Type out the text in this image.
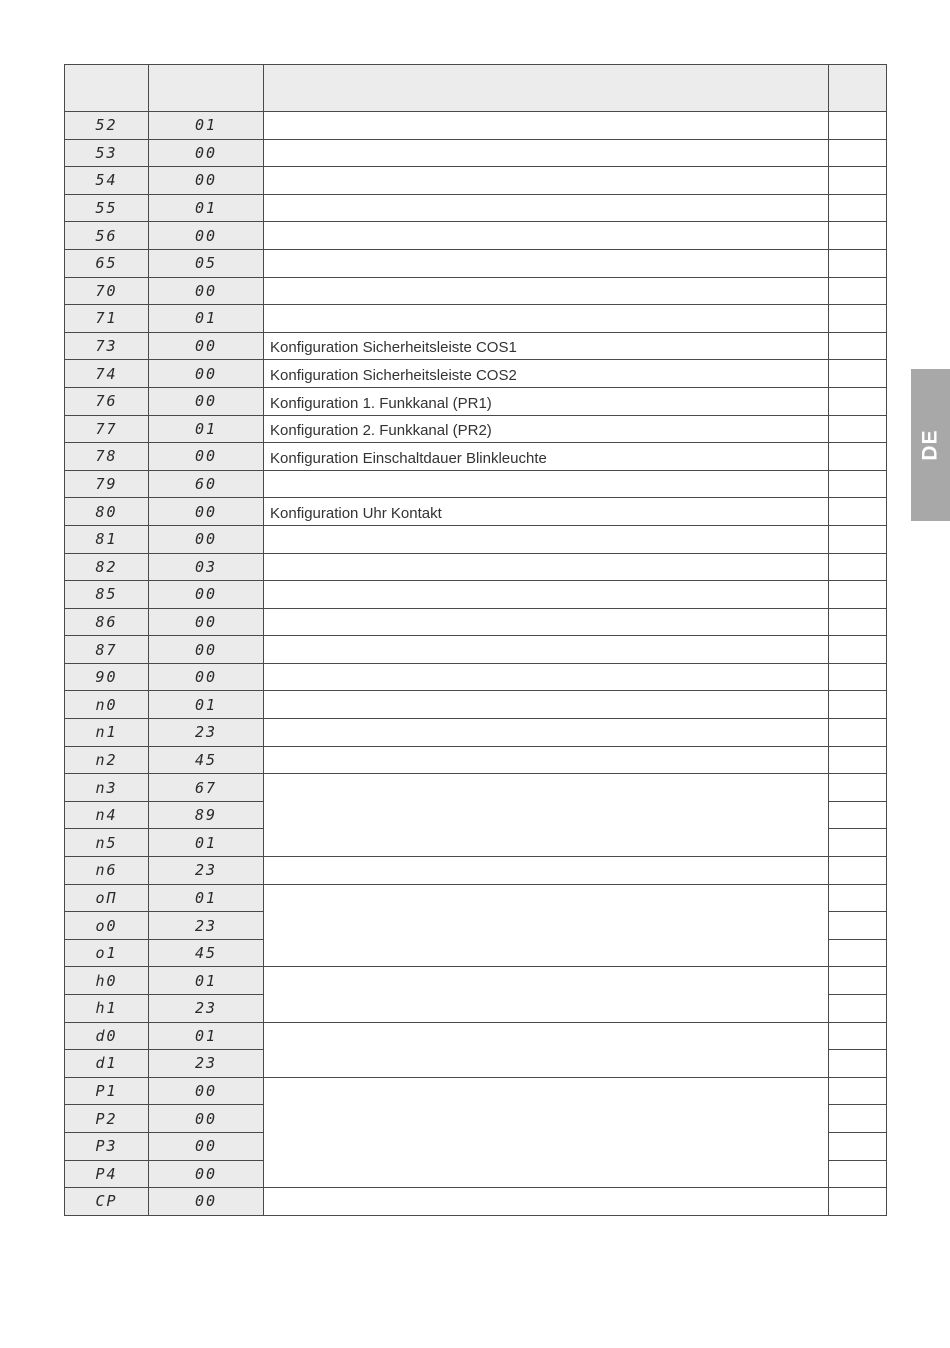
52	01		
53	00		
54	00		
55	01		
56	00		
65	05		
70	00		
71	01		
73	00	Konfiguration Sicherheitsleiste COS1	
74	00	Konfiguration Sicherheitsleiste COS2	
76	00	Konfiguration 1. Funkkanal (PR1)	
77	01	Konfiguration 2. Funkkanal (PR2)	
78	00	Konfiguration Einschaltdauer Blinkleuchte	
79	60		
80	00	Konfiguration Uhr Kontakt	
81	00		
82	03		
85	00		
86	00		
87	00		
90	00		
n0	01		
n1	23		
n2	45		
n3	67		
n4	89		
n5	01		
n6	23		
oΠ	01		
o0	23		
o1	45		
h0	01		
h1	23		
d0	01		
d1	23		
P1	00		
P2	00		
P3	00		
P4	00		
CP	00		
DE
